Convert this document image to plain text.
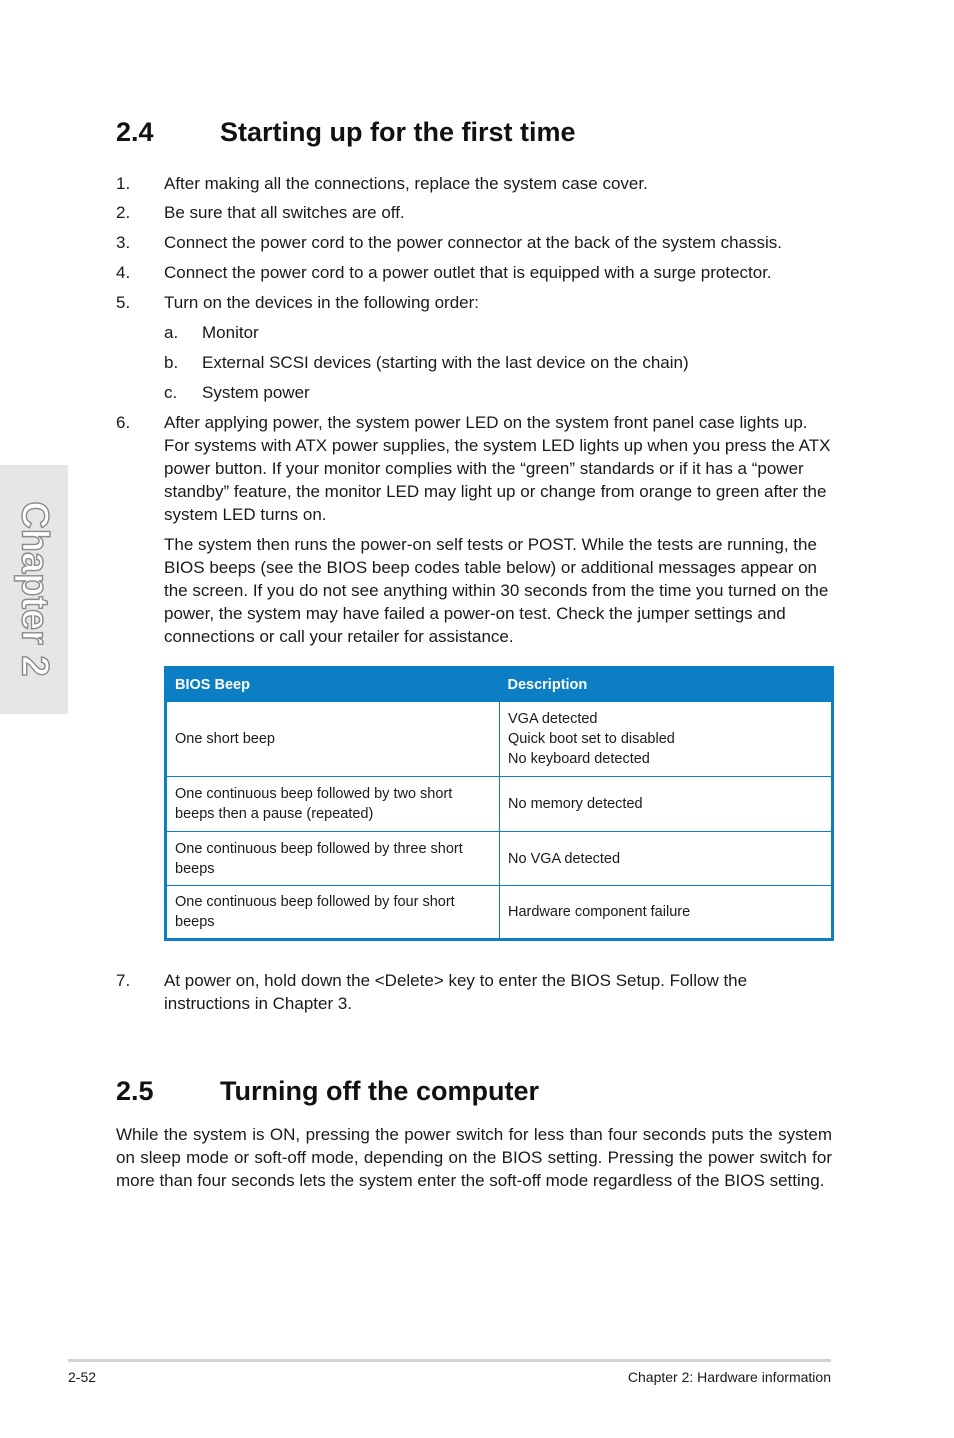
Chapter 2
2.4 Starting up for the first time
1. After making all the connections, replace the system case cover.
2. Be sure that all switches are off.
3. Connect the power cord to the power connector at the back of the system chassis.
4. Connect the power cord to a power outlet that is equipped with a surge protector.
5. Turn on the devices in the following order:
a. Monitor
b. External SCSI devices (starting with the last device on the chain)
c. System power
6. After applying power, the system power LED on the system front panel case lights up. For systems with ATX power supplies, the system LED lights up when you press the ATX power button. If your monitor complies with the “green” standards or if it has a “power standby” feature, the monitor LED may light up or change from orange to green after the system LED turns on.
The system then runs the power-on self tests or POST. While the tests are running, the BIOS beeps (see the BIOS beep codes table below) or additional messages appear on the screen. If you do not see anything within 30 seconds from the time you turned on the power, the system may have failed a power-on test. Check the jumper settings and connections or call your retailer for assistance.
BIOS Beep	Description
One short beep	VGA detected
Quick boot set to disabled
No keyboard detected

One continuous beep followed by two short beeps then a pause (repeated)	No memory detected

One continuous beep followed by three short beeps	No VGA detected

One continuous beep followed by four short beeps	Hardware component failure
7. At power on, hold down the <Delete> key to enter the BIOS Setup. Follow the instructions in Chapter 3.
2.5 Turning off the computer
While the system is ON, pressing the power switch for less than four seconds puts the system on sleep mode or soft-off mode, depending on the BIOS setting. Pressing the power switch for more than four seconds lets the system enter the soft-off mode regardless of the BIOS setting.
2-52	Chapter 2: Hardware information
